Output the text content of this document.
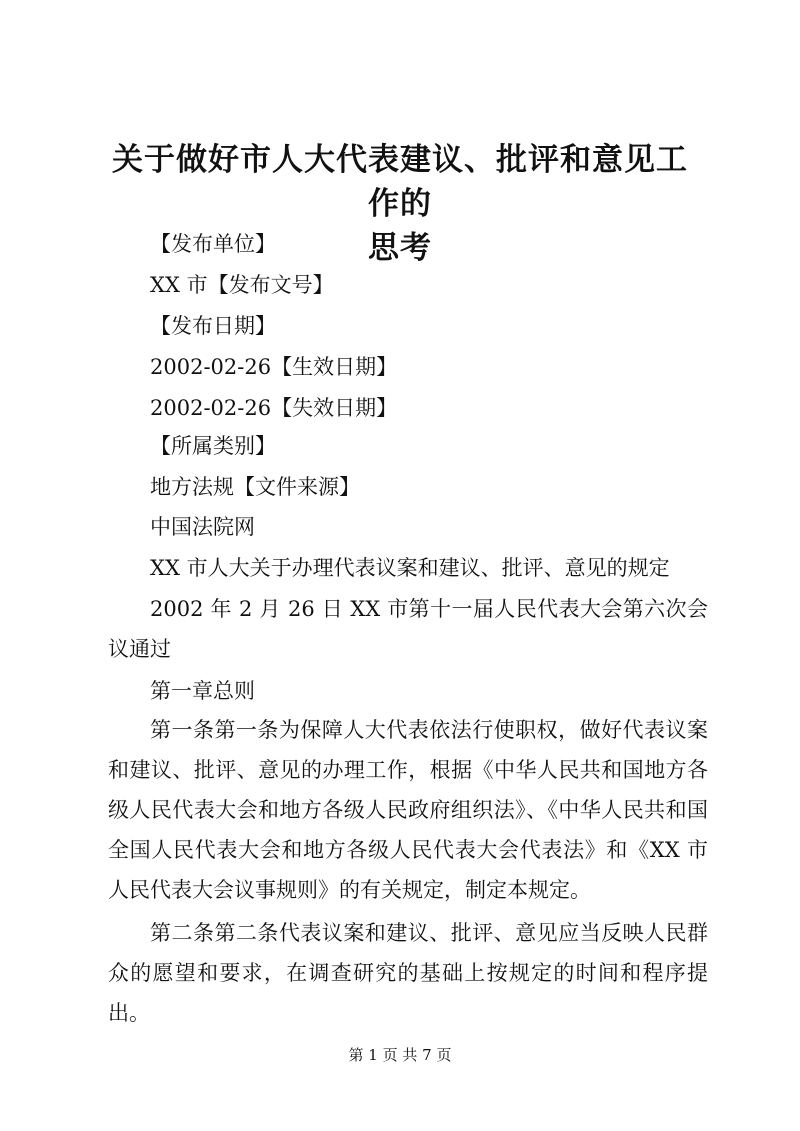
关于做好市人大代表建议、批评和意见工作的
思考
【发布单位】
XX 市【发布文号】
【发布日期】
2002-02-26【生效日期】
2002-02-26【失效日期】
【所属类别】
地方法规【文件来源】
中国法院网
XX 市人大关于办理代表议案和建议、批评、意见的规定

2002 年 2 月 26 日 XX 市第十一届人民代表大会第六次会议通过

第一章总则

第一条第一条为保障人大代表依法行使职权，做好代表议案和建议、批评、意见的办理工作，根据《中华人民共和国地方各级人民代表大会和地方各级人民政府组织法》、《中华人民共和国全国人民代表大会和地方各级人民代表大会代表法》和《XX 市人民代表大会议事规则》的有关规定，制定本规定。

第二条第二条代表议案和建议、批评、意见应当反映人民群众的愿望和要求，在调查研究的基础上按规定的时间和程序提出。

第 1 页 共 7 页
